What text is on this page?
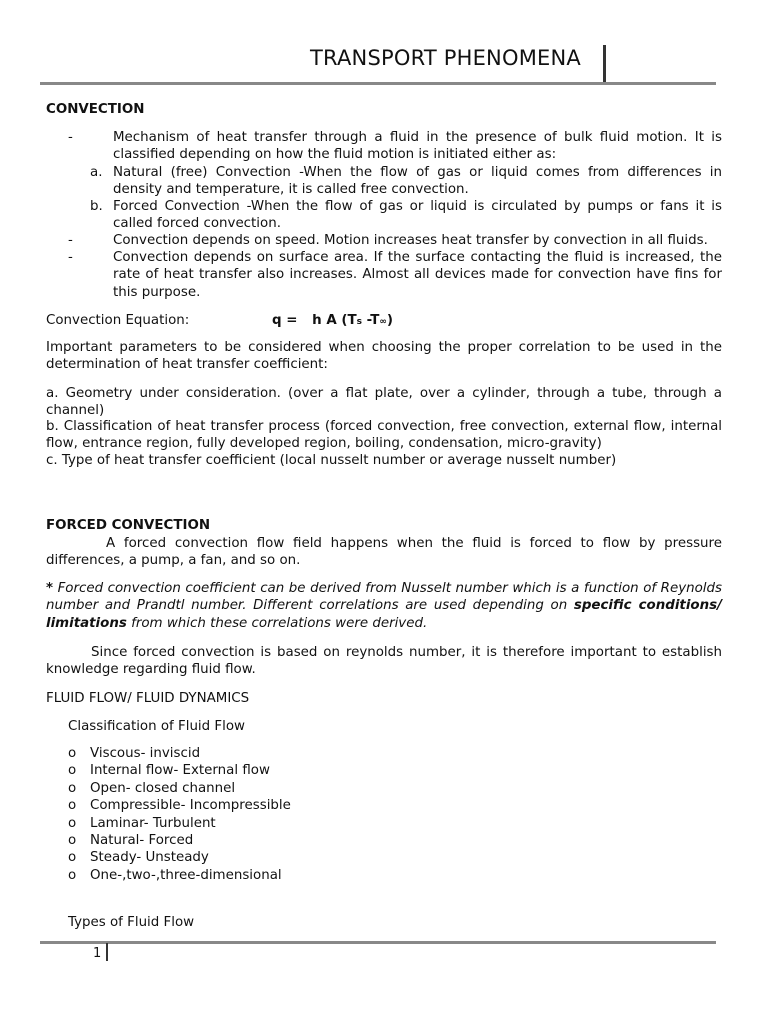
TRANSPORT PHENOMENA
CONVECTION
-	Mechanism of heat transfer through a fluid in the presence of bulk fluid motion. It is classified depending on how the fluid motion is initiated either as:
a. Natural (free) Convection -When the flow of gas or liquid comes from differences in density and temperature, it is called free convection.
b. Forced Convection -When the flow of gas or liquid is circulated by pumps or fans it is called forced convection.
-	Convection depends on speed. Motion increases heat transfer by convection in all fluids.
-	Convection depends on surface area. If the surface contacting the fluid is increased, the rate of heat transfer also increases. Almost all devices made for convection have fins for this purpose.
Convection Equation:	q = h A (Ts -T∞)
Important parameters to be considered when choosing the proper correlation to be used in the determination of heat transfer coefficient:
a. Geometry under consideration. (over a flat plate, over a cylinder, through a tube, through a channel)
b. Classification of heat transfer process (forced convection, free convection, external flow, internal flow, entrance region, fully developed region, boiling, condensation, micro-gravity)
c. Type of heat transfer coefficient (local nusselt number or average nusselt number)
FORCED CONVECTION
A forced convection flow field happens when the fluid is forced to flow by pressure differences, a pump, a fan, and so on.
* Forced convection coefficient can be derived from Nusselt number which is a function of Reynolds number and Prandtl number. Different correlations are used depending on specific conditions/ limitations from which these correlations were derived.
Since forced convection is based on reynolds number, it is therefore important to establish knowledge regarding fluid flow.
FLUID FLOW/ FLUID DYNAMICS
Classification of Fluid Flow
o Viscous- inviscid
o Internal flow- External flow
o Open- closed channel
o Compressible- Incompressible
o Laminar- Turbulent
o Natural- Forced
o Steady- Unsteady
o One-,two-,three-dimensional
Types of Fluid Flow
1
